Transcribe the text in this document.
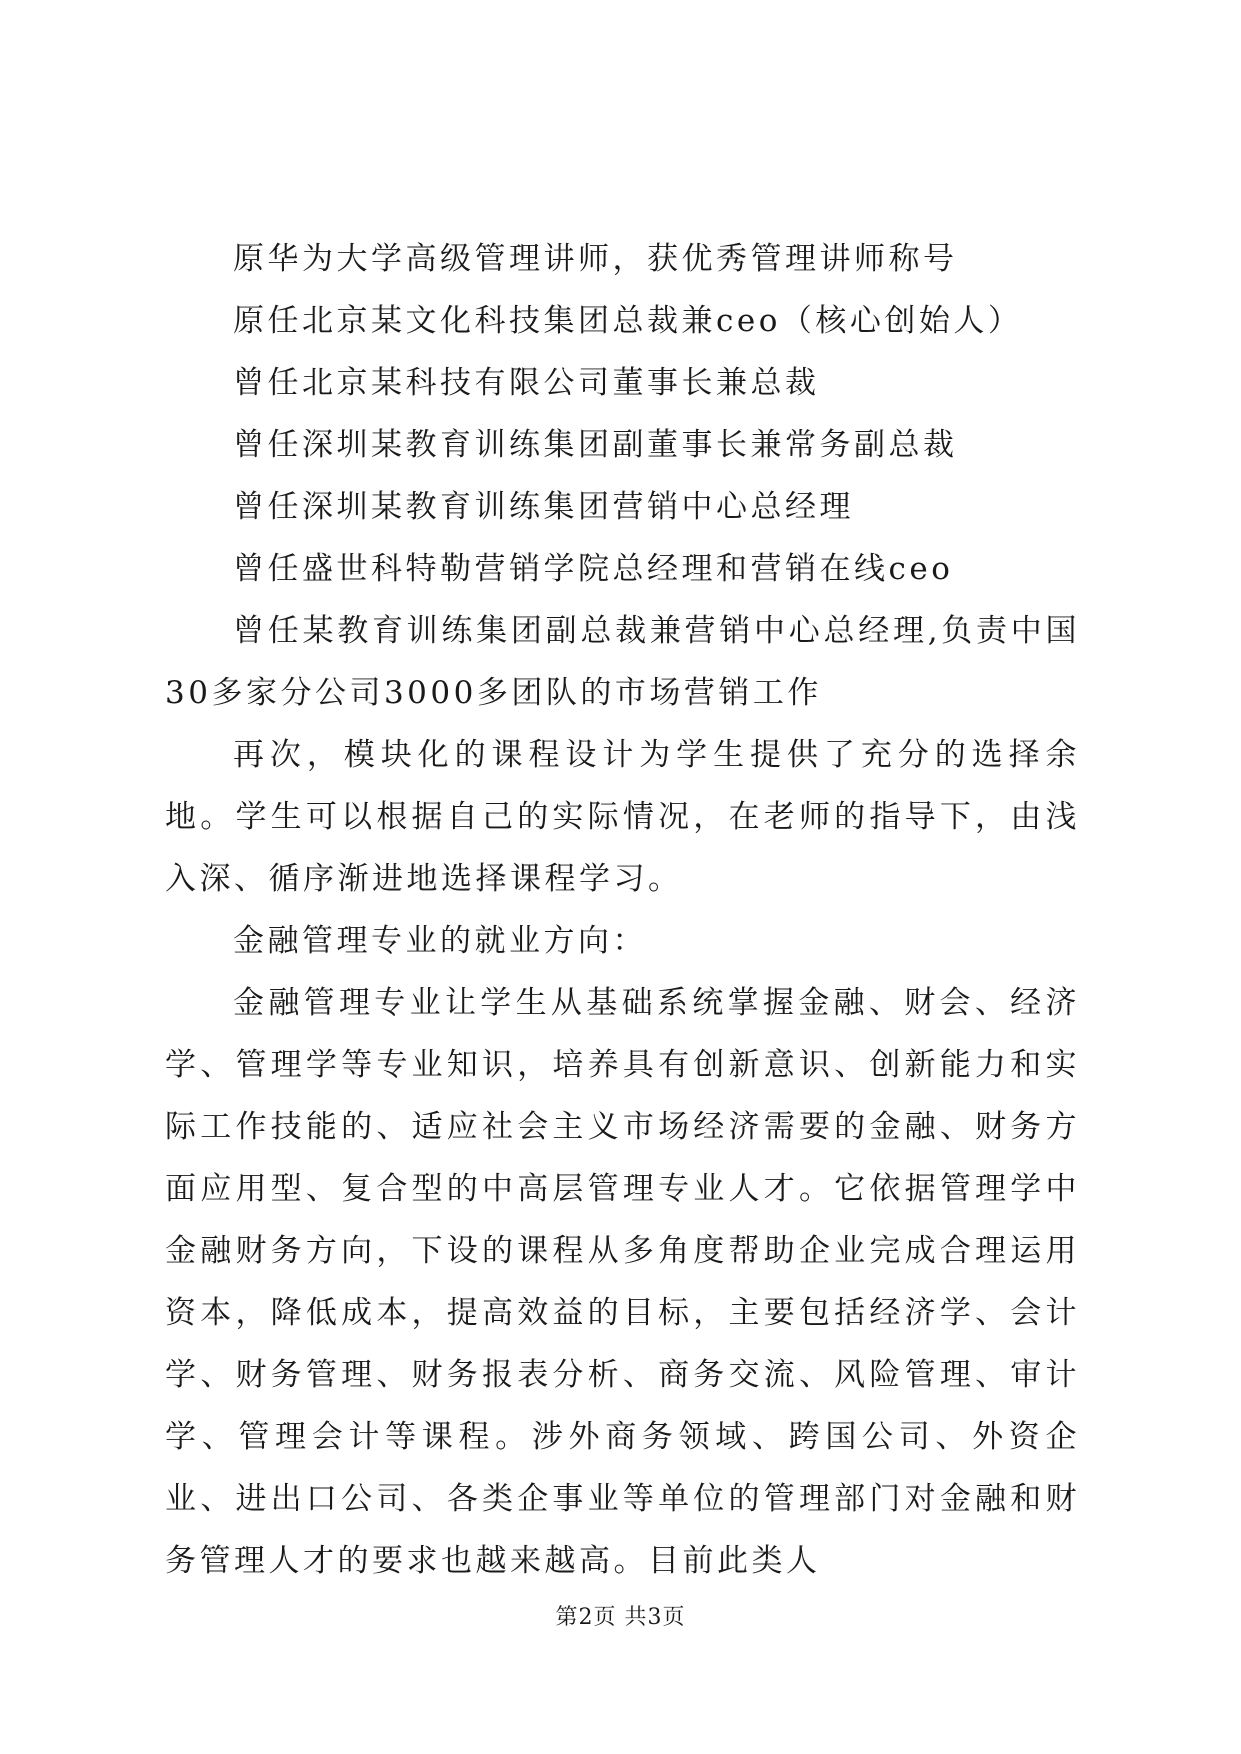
原华为大学高级管理讲师，获优秀管理讲师称号
原任北京某文化科技集团总裁兼ceo（核心创始人）
曾任北京某科技有限公司董事长兼总裁
曾任深圳某教育训练集团副董事长兼常务副总裁
曾任深圳某教育训练集团营销中心总经理
曾任盛世科特勒营销学院总经理和营销在线ceo

曾任某教育训练集团副总裁兼营销中心总经理,负责中国30多家分公司3000多团队的市场营销工作

再次，模块化的课程设计为学生提供了充分的选择余地。学生可以根据自己的实际情况，在老师的指导下，由浅入深、循序渐进地选择课程学习。

金融管理专业的就业方向：

金融管理专业让学生从基础系统掌握金融、财会、经济学、管理学等专业知识，培养具有创新意识、创新能力和实际工作技能的、适应社会主义市场经济需要的金融、财务方面应用型、复合型的中高层管理专业人才。它依据管理学中金融财务方向，下设的课程从多角度帮助企业完成合理运用资本，降低成本，提高效益的目标，主要包括经济学、会计学、财务管理、财务报表分析、商务交流、风险管理、审计学、管理会计等课程。涉外商务领域、跨国公司、外资企业、进出口公司、各类企事业等单位的管理部门对金融和财务管理人才的要求也越来越高。目前此类人

第2页 共3页
